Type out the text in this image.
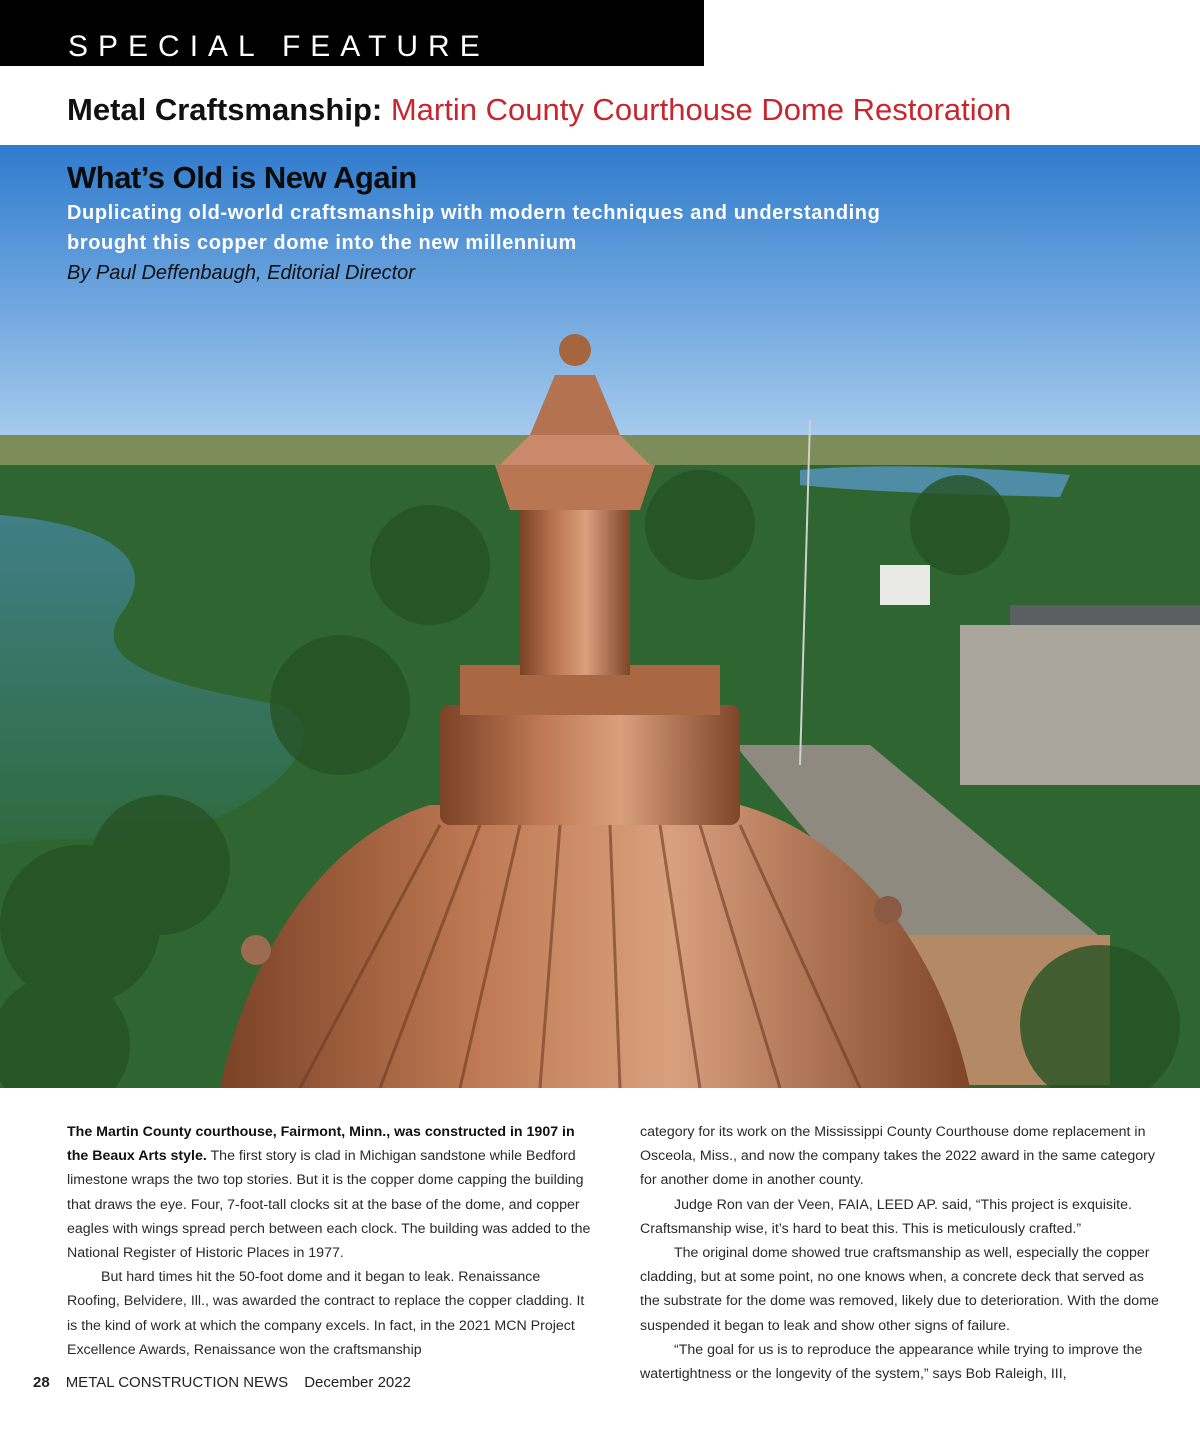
SPECIAL FEATURE
Metal Craftsmanship: Martin County Courthouse Dome Restoration
What’s Old is New Again
Duplicating old-world craftsmanship with modern techniques and understanding brought this copper dome into the new millennium
By Paul Deffenbaugh, Editorial Director

The Martin County courthouse, Fairmont, Minn., was constructed in 1907 in the Beaux Arts style. The first story is clad in Michigan sandstone while Bedford limestone wraps the two top stories. But it is the copper dome capping the building that draws the eye. Four, 7-foot-tall clocks sit at the base of the dome, and copper eagles with wings spread perch between each clock. The building was added to the National Register of Historic Places in 1977.

But hard times hit the 50-foot dome and it began to leak. Renaissance Roofing, Belvidere, Ill., was awarded the contract to replace the copper cladding. It is the kind of work at which the company excels. In fact, in the 2021 MCN Project Excellence Awards, Renaissance won the craftsmanship

category for its work on the Mississippi County Courthouse dome replacement in Osceola, Miss., and now the company takes the 2022 award in the same category for another dome in another county.

Judge Ron van der Veen, FAIA, LEED AP. said, “This project is exquisite. Craftsmanship wise, it’s hard to beat this. This is meticulously crafted.”

The original dome showed true craftsmanship as well, especially the copper cladding, but at some point, no one knows when, a concrete deck that served as the substrate for the dome was removed, likely due to deterioration. With the dome suspended it began to leak and show other signs of failure.

“The goal for us is to reproduce the appearance while trying to improve the watertightness or the longevity of the system,” says Bob Raleigh, III,

28 METAL CONSTRUCTION NEWS December 2022
